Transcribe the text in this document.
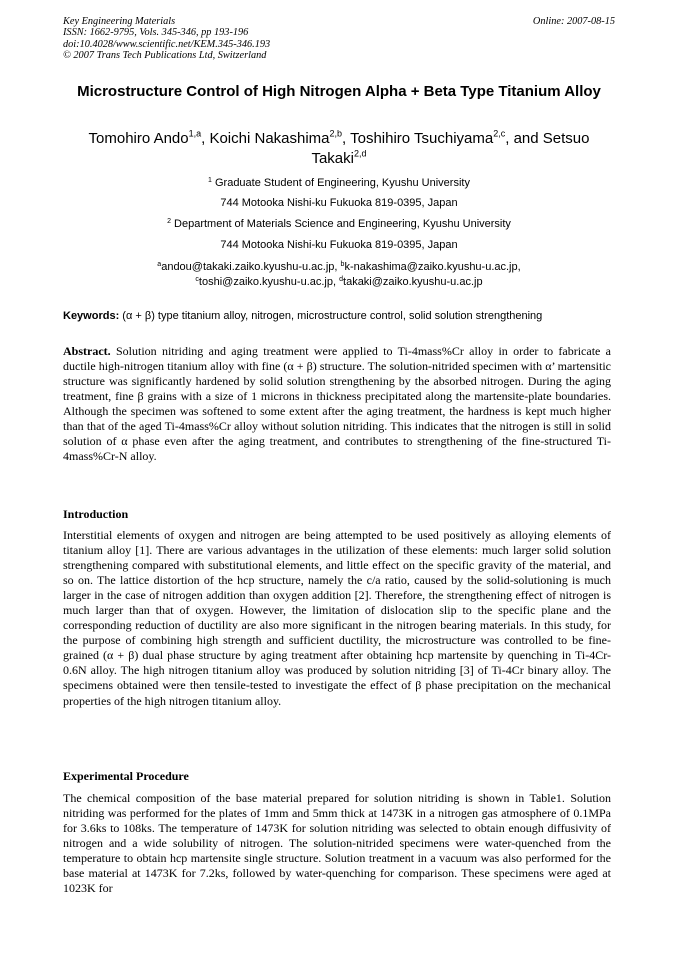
Key Engineering Materials
ISSN: 1662-9795, Vols. 345-346, pp 193-196
doi:10.4028/www.scientific.net/KEM.345-346.193
© 2007 Trans Tech Publications Ltd, Switzerland
Online: 2007-08-15
Microstructure Control of High Nitrogen Alpha + Beta Type Titanium Alloy
Tomohiro Ando$^{1,a}$, Koichi Nakashima$^{2,b}$, Toshihiro Tsuchiyama$^{2,c}$, and Setsuo Takaki$^{2,d}$
$^1$ Graduate Student of Engineering, Kyushu University
744 Motooka Nishi-ku Fukuoka 819-0395, Japan
$^2$ Department of Materials Science and Engineering, Kyushu University
744 Motooka Nishi-ku Fukuoka 819-0395, Japan
$^a$andou@takaki.zaiko.kyushu-u.ac.jp, $^b$k-nakashima@zaiko.kyushu-u.ac.jp,
$^c$toshi@zaiko.kyushu-u.ac.jp, $^d$takaki@zaiko.kyushu-u.ac.jp
Keywords: (α + β) type titanium alloy, nitrogen, microstructure control, solid solution strengthening

Abstract. Solution nitriding and aging treatment were applied to Ti-4mass%Cr alloy in order to fabricate a ductile high-nitrogen titanium alloy with fine (α + β) structure. The solution-nitrided specimen with α’ martensitic structure was significantly hardened by solid solution strengthening by the absorbed nitrogen. During the aging treatment, fine β grains with a size of 1 microns in thickness precipitated along the martensite-plate boundaries. Although the specimen was softened to some extent after the aging treatment, the hardness is kept much higher than that of the aged Ti-4mass%Cr alloy without solution nitriding. This indicates that the nitrogen is still in solid solution of α phase even after the aging treatment, and contributes to strengthening of the fine-structured Ti-4mass%Cr-N alloy.

Introduction

Interstitial elements of oxygen and nitrogen are being attempted to be used positively as alloying elements of titanium alloy [1]. There are various advantages in the utilization of these elements: much larger solid solution strengthening compared with substitutional elements, and little effect on the specific gravity of the material, and so on. The lattice distortion of the hcp structure, namely the c/a ratio, caused by the solid-solutioning is much larger in the case of nitrogen addition than oxygen addition [2]. Therefore, the strengthening effect of nitrogen is much larger than that of oxygen. However, the limitation of dislocation slip to the specific plane and the corresponding reduction of ductility are also more significant in the nitrogen bearing materials. In this study, for the purpose of combining high strength and sufficient ductility, the microstructure was controlled to be fine-grained (α + β) dual phase structure by aging treatment after obtaining hcp martensite by quenching in Ti-4Cr-0.6N alloy. The high nitrogen titanium alloy was produced by solution nitriding [3] of Ti-4Cr binary alloy. The specimens obtained were then tensile-tested to investigate the effect of β phase precipitation on the mechanical properties of the high nitrogen titanium alloy.

Experimental Procedure

The chemical composition of the base material prepared for solution nitriding is shown in Table1. Solution nitriding was performed for the plates of 1mm and 5mm thick at 1473K in a nitrogen gas atmosphere of 0.1MPa for 3.6ks to 108ks. The temperature of 1473K for solution nitriding was selected to obtain enough diffusivity of nitrogen and a wide solubility of nitrogen. The solution-nitrided specimens were water-quenched from the temperature to obtain hcp martensite single structure. Solution treatment in a vacuum was also performed for the base material at 1473K for 7.2ks, followed by water-quenching for comparison. These specimens were aged at 1023K for
